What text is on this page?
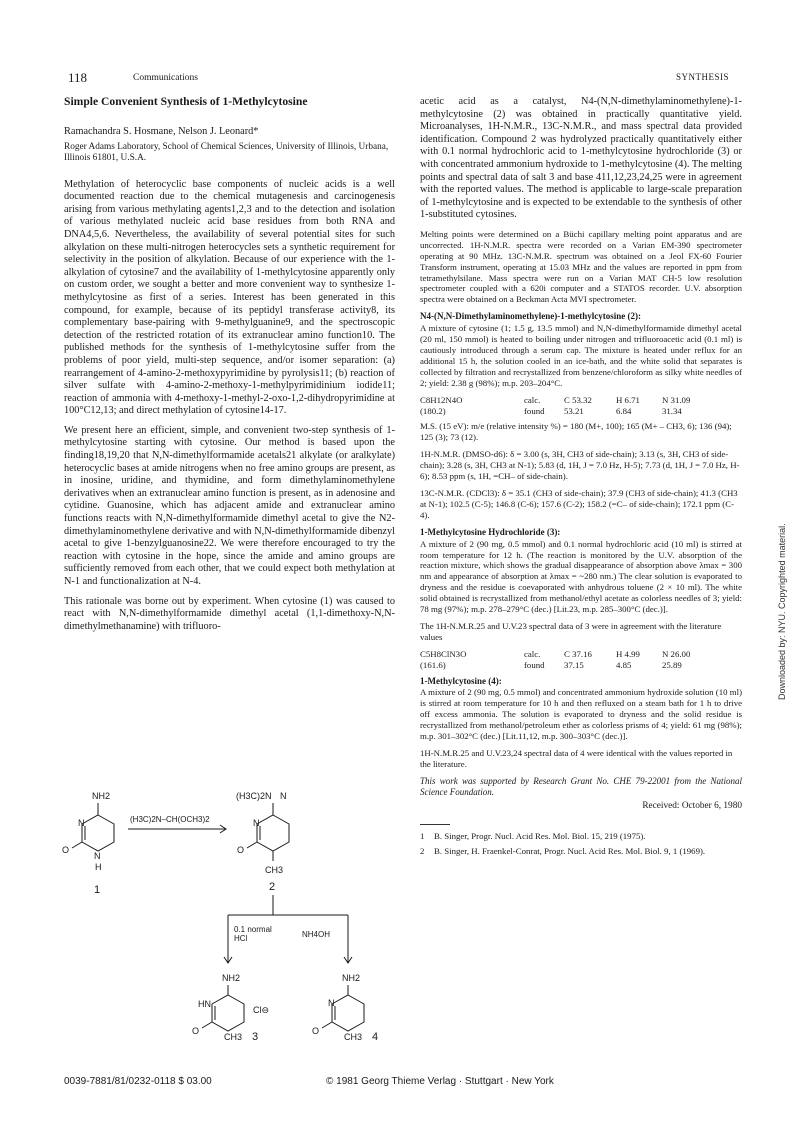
118	Communications	SYNTHESIS
Downloaded by: NYU. Copyrighted material.
Simple Convenient Synthesis of 1-Methylcytosine
Ramachandra S. Hosmane, Nelson J. Leonard*
Roger Adams Laboratory, School of Chemical Sciences, University of Illinois, Urbana, Illinois 61801, U.S.A.

Methylation of heterocyclic base components of nucleic acids is a well documented reaction due to the chemical mutagenesis and carcinogenesis arising from various methylating agents1,2,3 and to the detection and isolation of various methylated nucleic acid base residues from both RNA and DNA4,5,6. Nevertheless, the availability of several potential sites for such alkylation on these multi-nitrogen heterocycles sets a synthetic requirement for selectivity in the position of alkylation. Because of our experience with the 1-alkylation of cytosine7 and the availability of 1-methylcytosine apparently only on custom order, we sought a better and more convenient way to synthesize 1-methylcytosine as first of a series. Interest has been generated in this compound, for example, because of its peptidyl transferase activity8, its complementary base-pairing with 9-methylguanine9, and the spectroscopic detection of the restricted rotation of its extranuclear amino function10. The published methods for the synthesis of 1-methylcytosine suffer from the problems of poor yield, multi-step sequence, and/or isomer separation: (a) rearrangement of 4-amino-2-methoxypyrimidine by pyrolysis11; (b) reaction of silver sulfate with 4-amino-2-methoxy-1-methylpyrimidinium iodide11; reaction of ammonia with 4-methoxy-1-methyl-2-oxo-1,2-dihydropyrimidine at 100°C12,13; and direct methylation of cytosine14-17.

We present here an efficient, simple, and convenient two-step synthesis of 1-methylcytosine starting with cytosine. Our method is based upon the finding18,19,20 that N,N-dimethylformamide acetals21 alkylate (or aralkylate) heterocyclic bases at amide nitrogens when no free amino groups are present, as in inosine, uridine, and thymidine, and form dimethylaminomethylene derivatives when an extranuclear amino function is present, as in adenosine and cytidine. Guanosine, which has adjacent amide and extranuclear amino functions reacts with N,N-dimethylformamide dimethyl acetal to give the N2-dimethylaminomethylene derivative and with N,N-dimethylformamide dibenzyl acetal to give 1-benzylguanosine22. We were therefore encouraged to try the reaction with cytosine in the hope, since the amide and amino groups are sufficiently removed from each other, that we could expect both methylation at N-1 and functionalization at N-4.

This rationale was borne out by experiment. When cytosine (1) was caused to react with N,N-dimethylformamide dimethyl acetal (1,1-dimethoxy-N,N-dimethylmethanamine) with trifluoro-

NH2
N
O
N
H
1
(H3C)2N–CH(OCH3)2
(H3C)2N N
N
O
CH3
2
0.1 normal
HCl	NH4OH
NH2
HN
Cl⊖
O
CH3 3
NH2
N
O
CH3 4

acetic acid as a catalyst, N4-(N,N-dimethylaminomethylene)-1-methylcytosine (2) was obtained in practically quantitative yield. Microanalyses, 1H-N.M.R., 13C-N.M.R., and mass spectral data provided identification. Compound 2 was hydrolyzed practically quantitatively either with 0.1 normal hydrochloric acid to 1-methylcytosine hydrochloride (3) or with concentrated ammonium hydroxide to 1-methylcytosine (4). The melting points and spectral data of salt 3 and base 411,12,23,24,25 were in agreement with the reported values. The method is applicable to large-scale preparation of 1-methylcytosine and is expected to be extendable to the synthesis of other 1-substituted cytosines.

Melting points were determined on a Büchi capillary melting point apparatus and are uncorrected. 1H-N.M.R. spectra were recorded on a Varian EM-390 spectrometer operating at 90 MHz. 13C-N.M.R. spectrum was obtained on a Jeol FX-60 Fourier Transform instrument, operating at 15.03 MHz and the values are reported in ppm from tetramethylsilane. Mass spectra were run on a Varian MAT CH-5 low resolution spectrometer coupled with a 620i computer and a STATOS recorder. U.V. absorption spectra were obtained on a Beckman Acta MVI spectrometer.

N4-(N,N-Dimethylaminomethylene)-1-methylcytosine (2):

A mixture of cytosine (1; 1.5 g, 13.5 mmol) and N,N-dimethylformamide dimethyl acetal (20 ml, 150 mmol) is heated to boiling under nitrogen and trifluoroacetic acid (0.1 ml) is cautiously introduced through a serum cap. The mixture is heated under reflux for an additional 15 h, the solution cooled in an ice-bath, and the white solid that separates is collected by filtration and recrystallized from benzene/chloroform as silky white needles of 2; yield: 2.38 g (98%); m.p. 203–204°C.

C8H12N4O	calc.	C 53.32	H 6.71	N 31.09
(180.2)	found	53.21	6.84	31.34
M.S. (15 eV): m/e (relative intensity %) = 180 (M+, 100); 165 (M+ – CH3, 6); 136 (94); 125 (3); 73 (12).
1H-N.M.R. (DMSO-d6): δ = 3.00 (s, 3H, CH3 of side-chain); 3.13 (s, 3H, CH3 of side-chain); 3.28 (s, 3H, CH3 at N-1); 5.83 (d, 1H, J = 7.0 Hz, H-5); 7.73 (d, 1H, J = 7.0 Hz, H-6); 8.53 ppm (s, 1H, =CH– of side-chain).
13C-N.M.R. (CDCl3): δ = 35.1 (CH3 of side-chain); 37.9 (CH3 of side-chain); 41.3 (CH3 at N-1); 102.5 (C-5); 146.8 (C-6); 157.6 (C-2); 158.2 (=C– of side-chain); 172.1 ppm (C-4).
1-Methylcytosine Hydrochloride (3):

A mixture of 2 (90 mg, 0.5 mmol) and 0.1 normal hydrochloric acid (10 ml) is stirred at room temperature for 12 h. (The reaction is monitored by the U.V. absorption of the reaction mixture, which shows the gradual disappearance of absorption above λmax = 300 nm and appearance of absorption at λmax = ~280 nm.) The clear solution is evaporated to dryness and the residue is coevaporated with anhydrous toluene (2 × 10 ml). The white solid obtained is recrystallized from methanol/ethyl acetate as colorless needles of 3; yield: 78 mg (97%); m.p. 278–279°C (dec.) [Lit.23, m.p. 285–300°C (dec.)].

The 1H-N.M.R.25 and U.V.23 spectral data of 3 were in agreement with the literature values
C5H8ClN3O	calc.	C 37.16	H 4.99	N 26.00
(161.6)	found	37.15	4.85	25.89
1-Methylcytosine (4):

A mixture of 2 (90 mg, 0.5 mmol) and concentrated ammonium hydroxide solution (10 ml) is stirred at room temperature for 10 h and then refluxed on a steam bath for 1 h to drive off excess ammonia. The solution is evaporated to dryness and the solid residue is recrystallized from methanol/petroleum ether as colorless prisms of 4; yield: 61 mg (98%); m.p. 301–302°C (dec.) [Lit.11,12, m.p. 300–303°C (dec.)].

1H-N.M.R.25 and U.V.23,24 spectral data of 4 were identical with the values reported in the literature.
This work was supported by Research Grant No. CHE 79-22001 from the National Science Foundation.
Received: October 6, 1980
1	B. Singer, Progr. Nucl. Acid Res. Mol. Biol. 15, 219 (1975).
2	B. Singer, H. Fraenkel-Conrat, Progr. Nucl. Acid Res. Mol. Biol. 9, 1 (1969).
0039-7881/81/0232-0118 $ 03.00	© 1981 Georg Thieme Verlag · Stuttgart · New York
